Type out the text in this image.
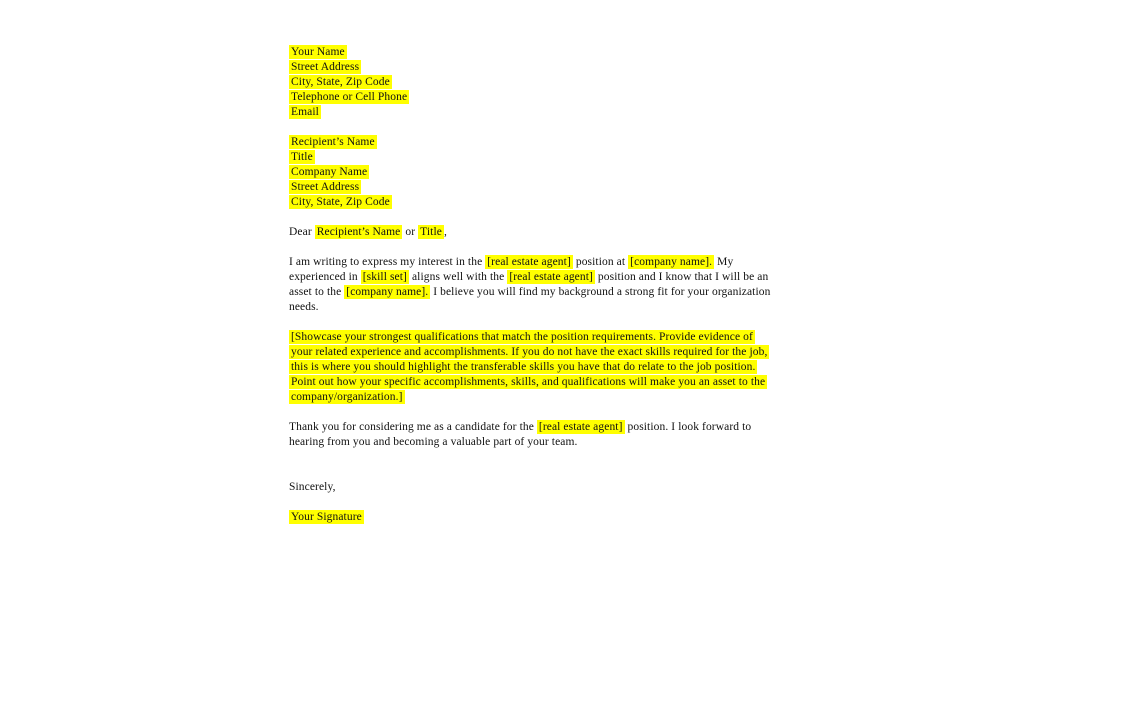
Your Name
Street Address
City, State, Zip Code
Telephone or Cell Phone
Email
Recipient’s Name
Title
Company Name
Street Address
City, State, Zip Code
Dear Recipient’s Name or Title ,
I am writing to express my interest in the [real estate agent] position at [company name]. My
experienced in [skill set] aligns well with the [real estate agent] position and I know that I will be an
asset to the [company name]. I believe you will find my background a strong fit for your organization
needs.
[Showcase your strongest qualifications that match the position requirements. Provide evidence of
your related experience and accomplishments. If you do not have the exact skills required for the job,
this is where you should highlight the transferable skills you have that do relate to the job position.
Point out how your specific accomplishments, skills, and qualifications will make you an asset to the
company/organization.]
Thank you for considering me as a candidate for the [real estate agent] position. I look forward to
hearing from you and becoming a valuable part of your team.
Sincerely,
Your Signature
